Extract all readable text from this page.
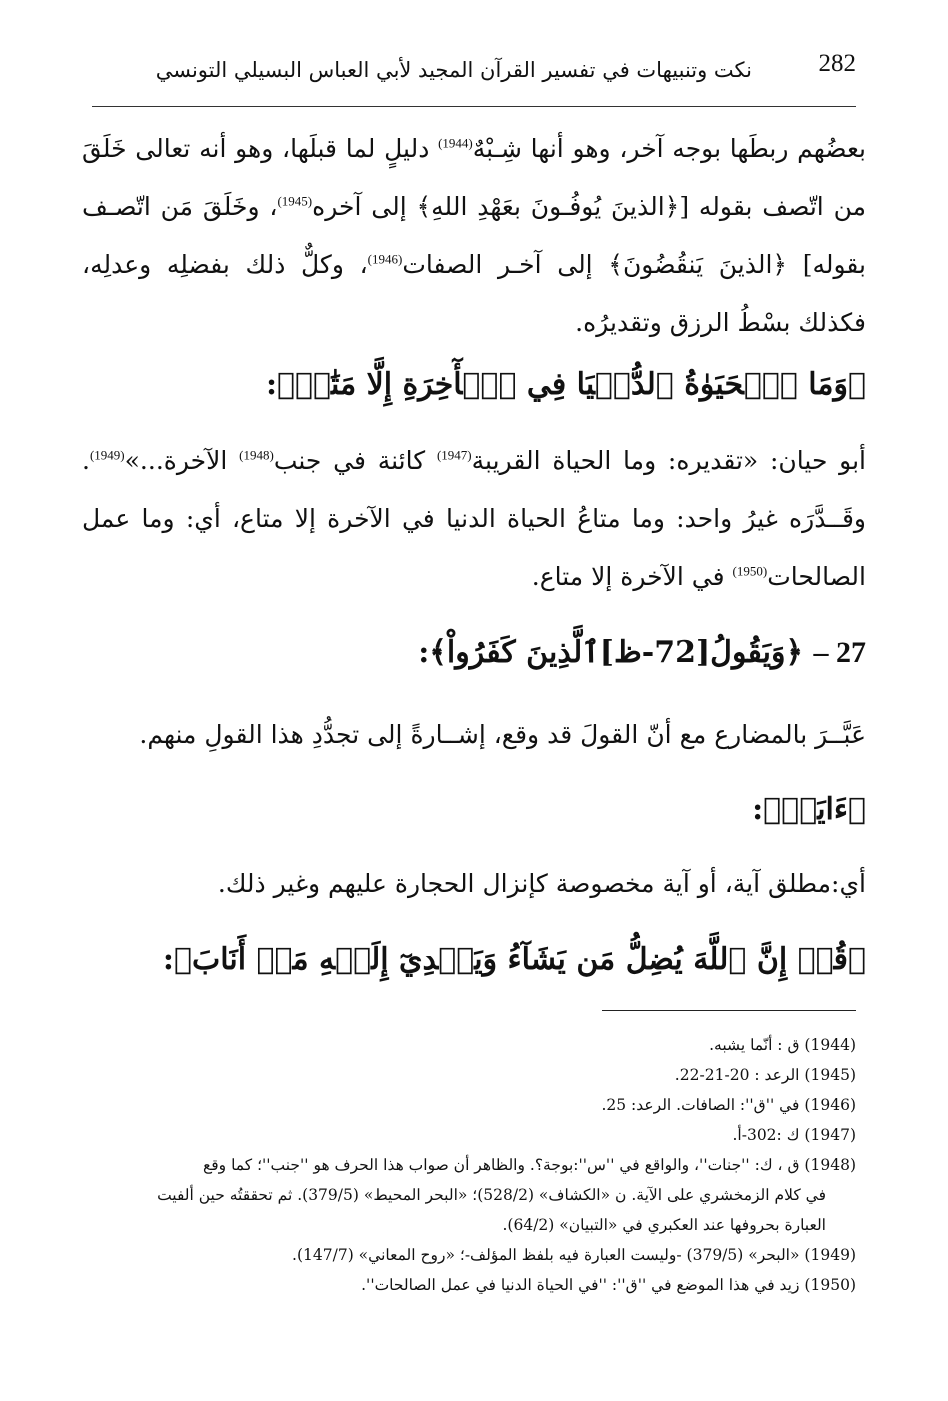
282
نكت وتنبيهات في تفسير القرآن المجيد لأبي العباس البسيلي التونسي

بعضُهم ربطَها بوجه آخر، وهو أنها شِـبْهٌ$^{(1944)}$ دليلٍ لما قبلَها، وهو أنه تعالى خَلَقَ من اتّصف بقوله [﴿الذينَ يُوفُـونَ بعَهْدِ اللهِ﴾ إلى آخره$^{(1945)}$، وخَلَقَ مَن اتّصـف بقوله] ﴿الذينَ يَنقُضُونَ﴾ إلى آخـر الصفات$^{(1946)}$، وكلٌّ ذلك بفضلِه وعدلِه، فكذلك بسْطُ الرزق وتقديرُه.

﴿وَمَا ٱلۡحَيَوٰةُ ٱلدُّنۡيَا فِي ٱلۡأٓخِرَةِ إِلَّا مَتَٰعٞ﴾:

أبو حيان: «تقديره: وما الحياة القريبة$^{(1947)}$ كائنة في جنب$^{(1948)}$ الآخرة...»$^{(1949)}$. وقَــدَّرَه غيرُ واحد: وما متاعُ الحياة الدنيا في الآخرة إلا متاع، أي: وما عمل الصالحات$^{(1950)}$ في الآخرة إلا متاع.

27 – ﴿وَيَقُولُ[72-ظ]ٱلَّذِينَ كَفَرُواْ﴾:

عَبَّــرَ بالمضارع مع أنّ القولَ قد وقع، إشــارةً إلى تجدُّدِ هذا القولِ منهم.

﴿ءَايَةٞ﴾:

أي:مطلق آية، أو آية مخصوصة كإنزال الحجارة عليهم وغير ذلك.

﴿قُلۡ إِنَّ ٱللَّهَ يُضِلُّ مَن يَشَآءُ وَيَهۡدِيٓ إِلَيۡهِ مَنۡ أَنَابَ﴾:

(1944) ق : أنّما يشبه.

(1945) الرعد : 20-21-22.

(1946) في ''ق'': الصافات. الرعد: 25.

(1947) ك :302-أ.

(1948) ق ، ك: ''جنات''، والواقع في ''س'':بوجة؟. والظاهر أن صواب هذا الحرف هو ''جنب''؛ كما وقع

في كلام الزمخشري على الآية. ن «الكشاف» (528/2)؛ «البحر المحيط» (379/5). ثم تحققتُه حين ألفيت

العبارة بحروفها عند العكبري في «التبيان» (64/2).

(1949) «البحر» (379/5) -وليست العبارة فيه بلفظ المؤلف-؛ «روح المعاني» (147/7).

(1950) زيد في هذا الموضع في ''ق'': ''في الحياة الدنيا في عمل الصالحات''.
